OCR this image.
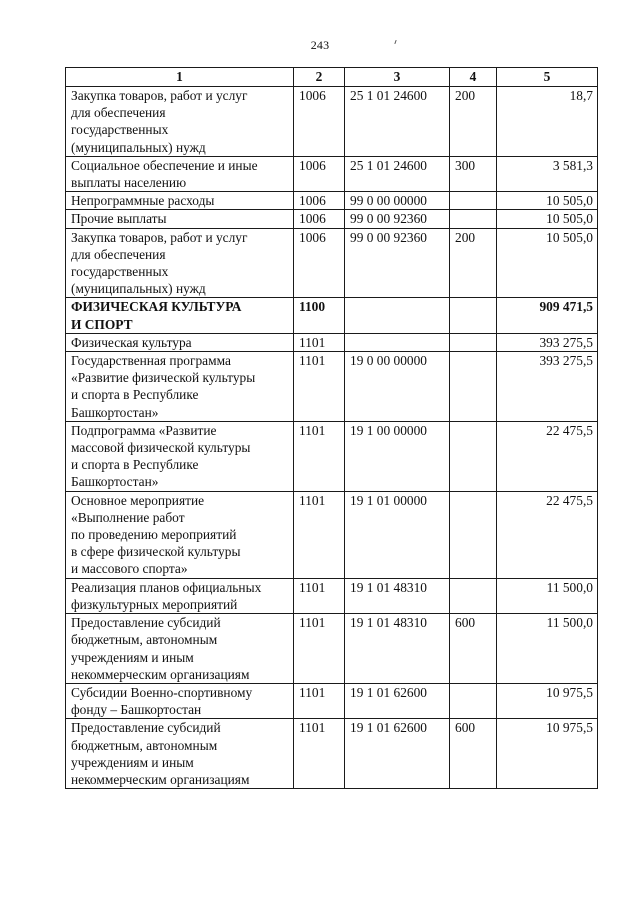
243
1	2	3	4	5
Закупка товаров, работ и услуг
для обеспечения
государственных
(муниципальных) нужд	1006	25 1 01 24600	200	18,7
Социальное обеспечение и иные
выплаты населению	1006	25 1 01 24600	300	3 581,3
Непрограммные расходы	1006	99 0 00 00000		10 505,0
Прочие выплаты	1006	99 0 00 92360		10 505,0
Закупка товаров, работ и услуг
для обеспечения
государственных
(муниципальных) нужд	1006	99 0 00 92360	200	10 505,0
ФИЗИЧЕСКАЯ КУЛЬТУРА
И СПОРТ	1100			909 471,5
Физическая культура	1101			393 275,5
Государственная программа
«Развитие физической культуры
и спорта в Республике
Башкортостан»	1101	19 0 00 00000		393 275,5
Подпрограмма «Развитие
массовой физической культуры
и спорта в Республике
Башкортостан»	1101	19 1 00 00000		22 475,5
Основное мероприятие
«Выполнение работ
по проведению мероприятий
в сфере физической культуры
и массового спорта»	1101	19 1 01 00000		22 475,5
Реализация планов официальных
физкультурных мероприятий	1101	19 1 01 48310		11 500,0
Предоставление субсидий
бюджетным, автономным
учреждениям и иным
некоммерческим организациям	1101	19 1 01 48310	600	11 500,0
Субсидии Военно-спортивному
фонду – Башкортостан	1101	19 1 01 62600		10 975,5
Предоставление субсидий
бюджетным, автономным
учреждениям и иным
некоммерческим организациям	1101	19 1 01 62600	600	10 975,5
